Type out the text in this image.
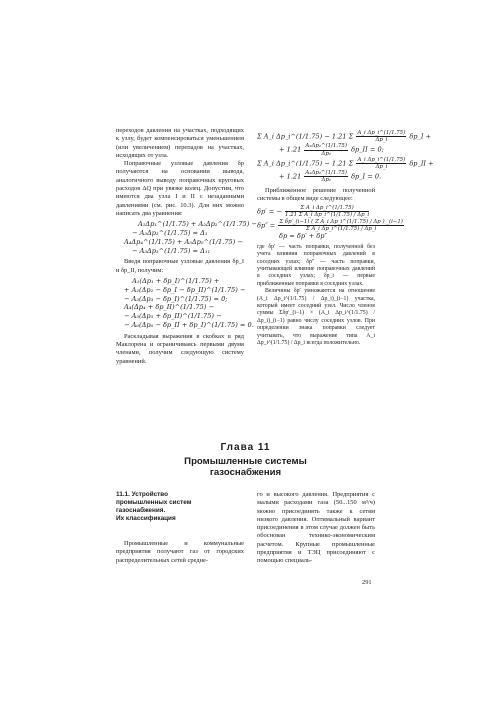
переходов давления на участках, подходящих к узлу, будет компенсироваться уменьшением (или увеличением) перепадов на участках, исходящих от узла.

Поправочные узловые давления δp получаются на основании вывода, аналогичного выводу поправочных круговых расходов ΔQ при увязке колец. Допустим, что имеются два узла I и II с незаданными давлениями (см. рис. 10.3). Для них можно написать два уравнения:

A₁Δp₁^(1/1.75) + A₂Δp₂^(1/1.75) −
− A₃Δp₃^(1/1.75) = Δ₁
A₄Δp₄^(1/1.75) + A₅Δp₅^(1/1.75) −
− A₃Δp₃^(1/1.75) = Δ₁₁

Введя поправочные узловые давления δp_I и δp_II, получим:

A₁(Δp₁ + δp_I)^(1/1.75) +
+ A₂(Δp₂ − δp_I − δp_II)^(1/1.75) −
− A₃(Δp₃ − δp_I)^(1/1.75) = 0;
A₄(Δp₄ + δp_II)^(1/1.75) −
− A₅(Δp₅ + δp_II)^(1/1.75) −
− A₆(Δp₆ − δp_II + δp_I)^(1/1.75) = 0.

Раскладывая выражения в скобках в ряд Маклорена и ограничиваясь первыми двумя членами, получим следующую систему уравнений.

Σ A_i Δp_i^(1/1.75) − 1.21 Σ $\frac{\text{A\_i Δp\_i\textasciicircum{}(1/1.75)}}{\Delta p\_i}$ δp_I +
+ $1.21 \frac{\text{A₂Δp₂\textasciicircum{}(1/1.75)}}{\text{Δp₂}}$ δp_II = 0;
Σ A_i Δp_i^(1/1.75) − 1.21 Σ $\frac{\text{A\_i Δp\_i\textasciicircum{}(1/1.75)}}{\Delta p\_i}$ δp_II +
+ $1.21 \frac{\text{A₂Δp₂\textasciicircum{}(1/1.75)}}{\text{Δp₂}}$ δp_I = 0.

Приближенное решение полученной системы в общем виде следующее:

δp′ = − $\frac{\text{Σ A\_i Δp\_i\textasciicircum{}(1/1.75)}}{\text{1.21 Σ A\_i Δp\_i\textasciicircum{}(1/1.75) / Δp\_i}}$
$\delta p'' = \frac{\text{Σ δp′\_(i−1) ( Z A\_i Δp\_i\textasciicircum{}(1/1.75) / Δp ) \_(i−1)}}{\text{Σ A\_i Δp\_i\textasciicircum{}(1/1.75) / Δp\_i}}$
δp = δp′ + δp″

где δp′ — часть поправки, полученной без учета влияния поправочных давлений в соседних узлах; δp″ — часть поправки, учитывающей влияние поправочных давлений в соседних узлах; δp_i — первые приближенные поправки в соседних узлах.

Величины δp′ умножаются на отношение (A_i Δp_i^(1/1.75) / Δp_i)_(i−1) участка, который имеет соседний узел. Число членов суммы Σδp′_(i−1) × (A_i Δp_i^(1/1.75) / Δp_i)_(i−1) равно числу соседних узлов. При определении знака поправки следует учитывать, что выражение типа A_i Δp_i^(1/1.75) / Δp_i всегда положительно.

Глава 11
Промышленные системы
газоснабжения
11.1. Устройство
промышленных систем
газоснабжения.
Их классификация

Промышленные и коммунальные предприятия получают газ от городских распределительных сетей средне-

го и высокого давления. Предприятия с малыми расходами газа (50...150 м³/ч) можно присоединять также к сетям низкого давления. Оптимальный вариант присоединения в этом случае должен быть обоснован технико-экономическим расчетом. Крупные промышленные предприятия и ТЭЦ присоединяют с помощью специаль-

291
